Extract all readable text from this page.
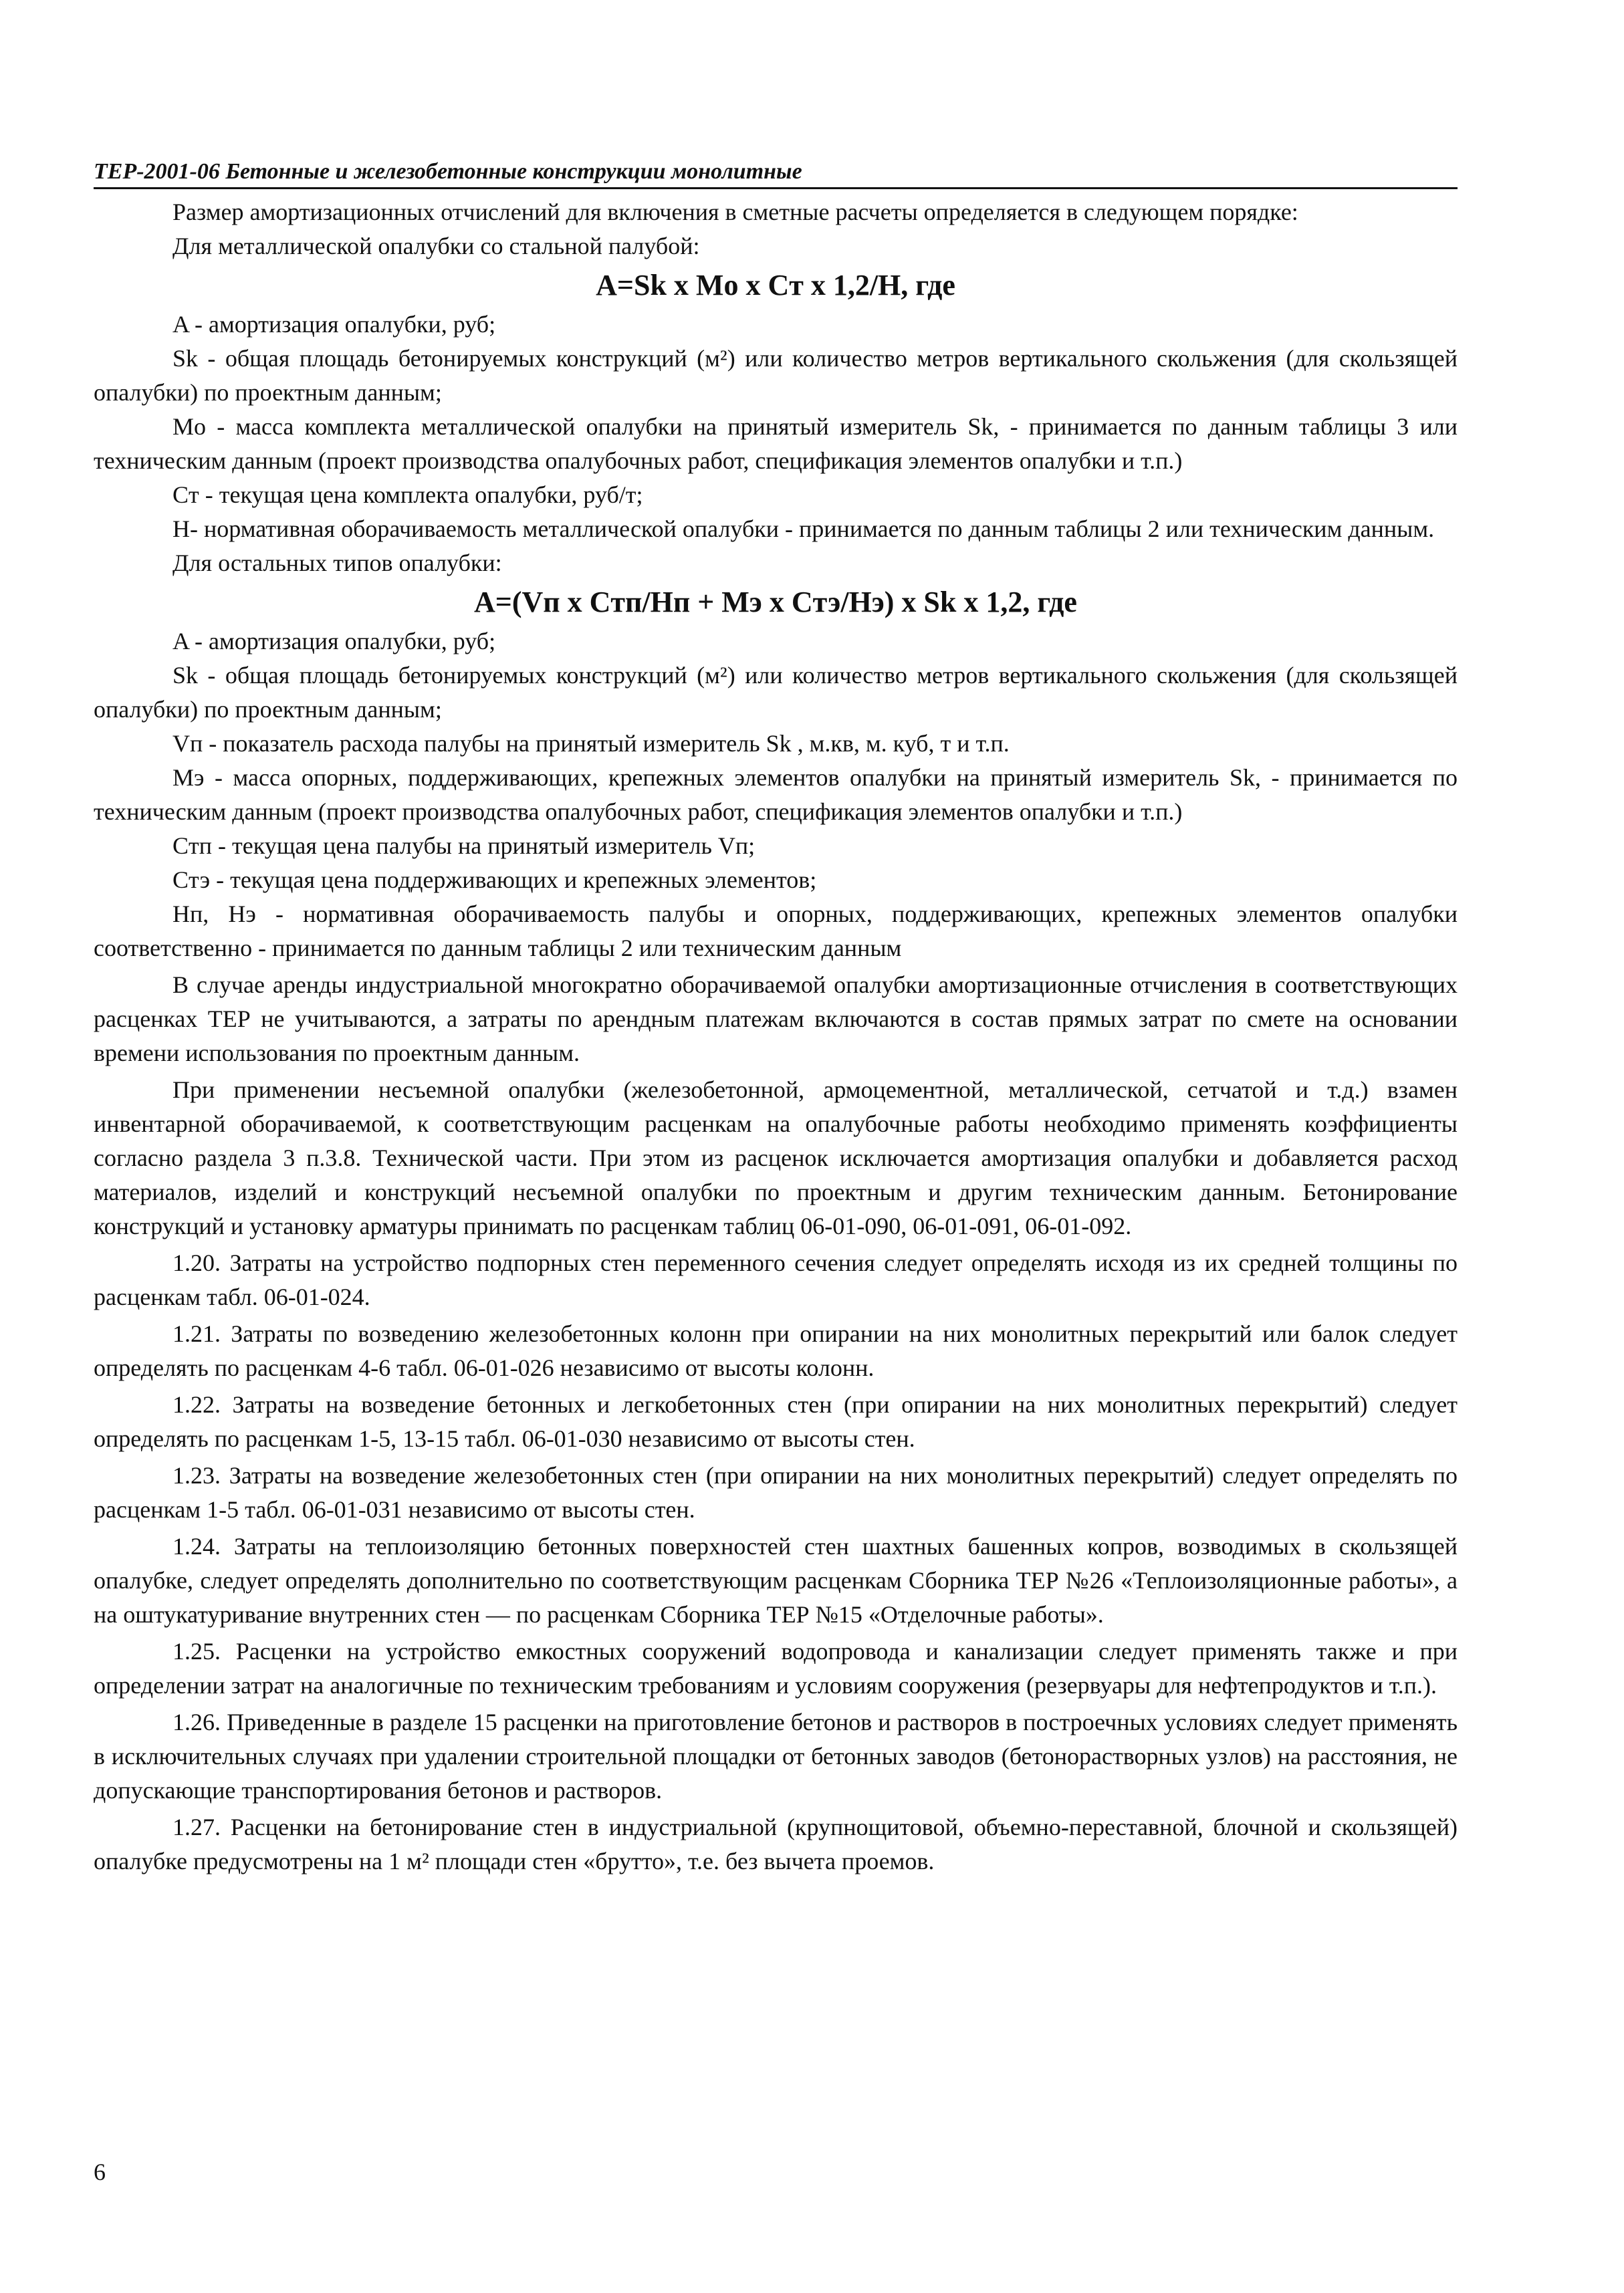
ТЕР-2001-06 Бетонные и железобетонные конструкции монолитные

Размер амортизационных отчислений для включения в сметные расчеты определяется в следующем порядке:

Для металлической опалубки со стальной палубой:

A=Sk x Mo x Cт x 1,2/H, где

A - амортизация опалубки, руб;

Sk - общая площадь бетонируемых конструкций (м²) или количество метров вертикального скольжения (для скользящей опалубки) по проектным данным;

Mo - масса комплекта металлической опалубки на принятый измеритель Sk, - принимается по данным таблицы 3 или техническим данным (проект производства опалубочных работ, спецификация элементов опалубки и т.п.)

Cт - текущая цена комплекта опалубки, руб/т;

H- нормативная оборачиваемость металлической опалубки - принимается по данным таблицы 2 или техническим данным.

Для остальных типов опалубки:

A=(Vп x Cтп/Hп + Mэ x Cтэ/Hэ) x Sk x 1,2, где

A - амортизация опалубки, руб;

Sk - общая площадь бетонируемых конструкций (м²) или количество метров вертикального скольжения (для скользящей опалубки) по проектным данным;

Vп - показатель расхода палубы на принятый измеритель Sk , м.кв, м. куб, т и т.п.

Mэ - масса опорных, поддерживающих, крепежных элементов опалубки на принятый измеритель Sk, - принимается по техническим данным (проект производства опалубочных работ, спецификация элементов опалубки и т.п.)

Cтп - текущая цена палубы на принятый измеритель Vп;

Cтэ - текущая цена поддерживающих и крепежных элементов;

Hп, Hэ - нормативная оборачиваемость палубы и опорных, поддерживающих, крепежных элементов опалубки соответственно - принимается по данным таблицы 2 или техническим данным

В случае аренды индустриальной многократно оборачиваемой опалубки амортизационные отчисления в соответствующих расценках ТЕР не учитываются, а затраты по арендным платежам включаются в состав прямых затрат по смете на основании времени использования по проектным данным.

При применении несъемной опалубки (железобетонной, армоцементной, металлической, сетчатой и т.д.) взамен инвентарной оборачиваемой, к соответствующим расценкам на опалубочные работы необходимо применять коэффициенты согласно раздела 3 п.3.8. Технической части. При этом из расценок исключается амортизация опалубки и добавляется расход материалов, изделий и конструкций несъемной опалубки по проектным и другим техническим данным. Бетонирование конструкций и установку арматуры принимать по расценкам таблиц 06-01-090, 06-01-091, 06-01-092.

1.20. Затраты на устройство подпорных стен переменного сечения следует определять исходя из их средней толщины по расценкам табл. 06-01-024.

1.21. Затраты по возведению железобетонных колонн при опирании на них монолитных перекрытий или балок следует определять по расценкам 4-6 табл. 06-01-026 независимо от высоты колонн.

1.22. Затраты на возведение бетонных и легкобетонных стен (при опирании на них монолитных перекрытий) следует определять по расценкам 1-5, 13-15 табл. 06-01-030 независимо от высоты стен.

1.23. Затраты на возведение железобетонных стен (при опирании на них монолитных перекрытий) следует определять по расценкам 1-5 табл. 06-01-031 независимо от высоты стен.

1.24. Затраты на теплоизоляцию бетонных поверхностей стен шахтных башенных копров, возводимых в скользящей опалубке, следует определять дополнительно по соответствующим расценкам Сборника ТЕР №26 «Теплоизоляционные работы», а на оштукатуривание внутренних стен — по расценкам Сборника ТЕР №15 «Отделочные работы».

1.25. Расценки на устройство емкостных сооружений водопровода и канализации следует применять также и при определении затрат на аналогичные по техническим требованиям и условиям сооружения (резервуары для нефтепродуктов и т.п.).

1.26. Приведенные в разделе 15 расценки на приготовление бетонов и растворов в построечных условиях следует применять в исключительных случаях при удалении строительной площадки от бетонных заводов (бетонорастворных узлов) на расстояния, не допускающие транспортирования бетонов и растворов.

1.27. Расценки на бетонирование стен в индустриальной (крупнощитовой, объемно-переставной, блочной и скользящей) опалубке предусмотрены на 1 м² площади стен «брутто», т.е. без вычета проемов.

6
